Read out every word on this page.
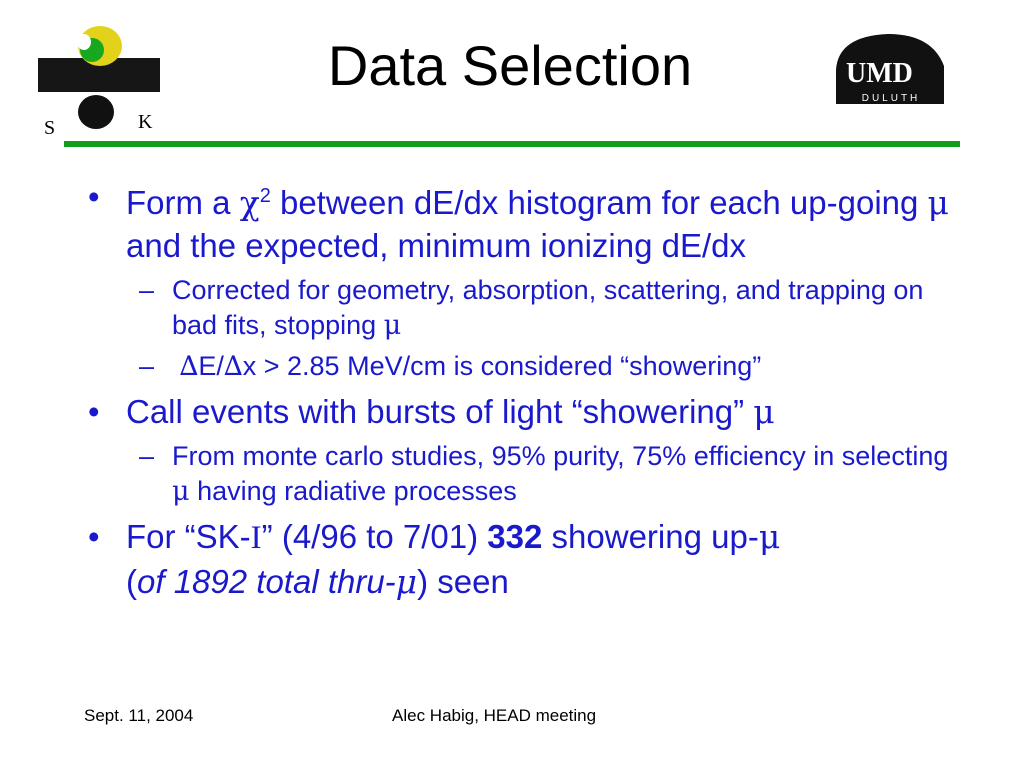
S	K
UMD
DULUTH
Data Selection
• Form a $\chi^2$ between dE/dx histogram for each up-going μ and the expected, minimum ionizing dE/dx
– Corrected for geometry, absorption, scattering, and trapping on bad fits, stopping μ
– ∆E/∆x > 2.85 MeV/cm is considered “showering”
• Call events with bursts of light “showering” μ
– From monte carlo studies, 95% purity, 75% efficiency in selecting μ having radiative processes
• For “SK-I” (4/96 to 7/01) 332 showering up-μ
(of 1892 total thru-μ) seen
Sept. 11, 2004	Alec Habig, HEAD meeting
